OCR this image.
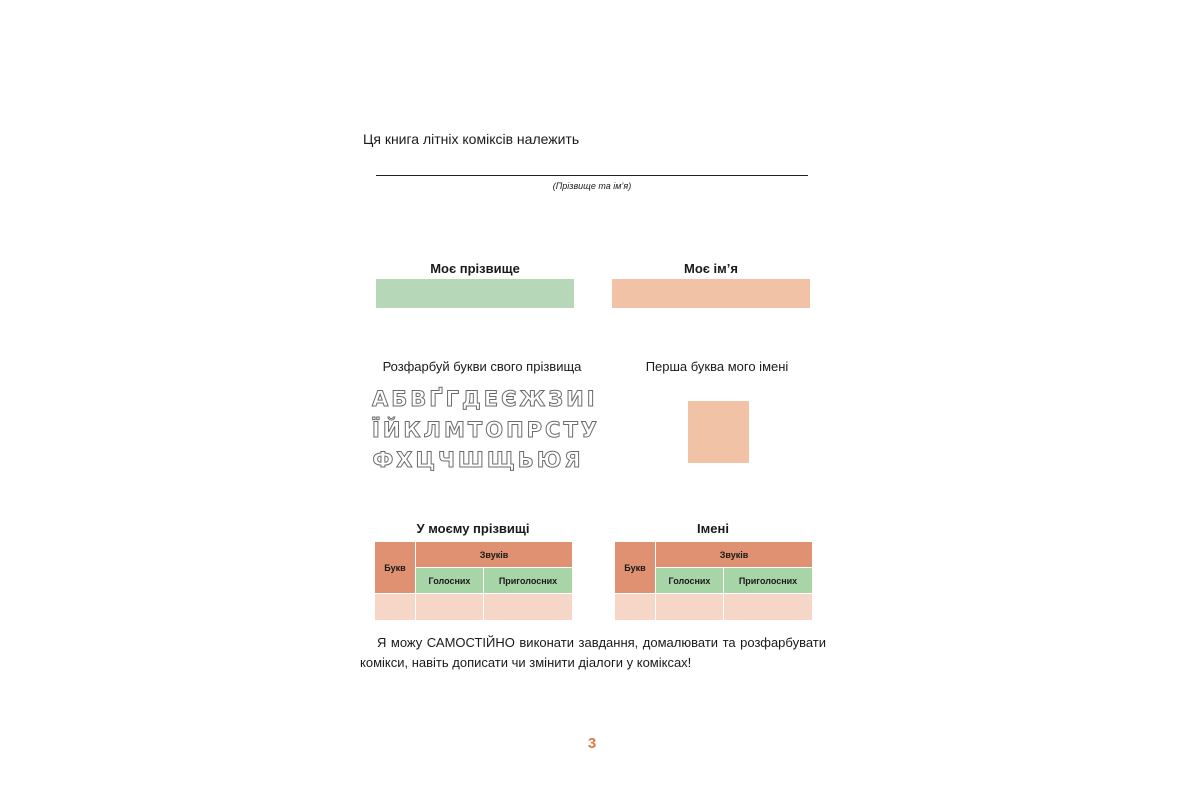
Ця книга літніх коміксів належить
(Прізвище та ім’я)
Моє прізвище	Моє ім’я
Розфарбуй букви свого прізвища	Перша буква мого імені
АБВҐГДЕЄЖЗИІ
ЇЙКЛМТОПРСТУ
ФХЦЧШЩЬЮЯ
У моєму прізвищі	Імені
Букв	Звуків	
	Голосних	Приголосних

Букв	Звуків	
	Голосних	Приголосних

Я можу САМОСТІЙНО виконати завдання, домалювати та розфарбувати комікси, навіть дописати чи змінити діалоги у коміксах!
3
